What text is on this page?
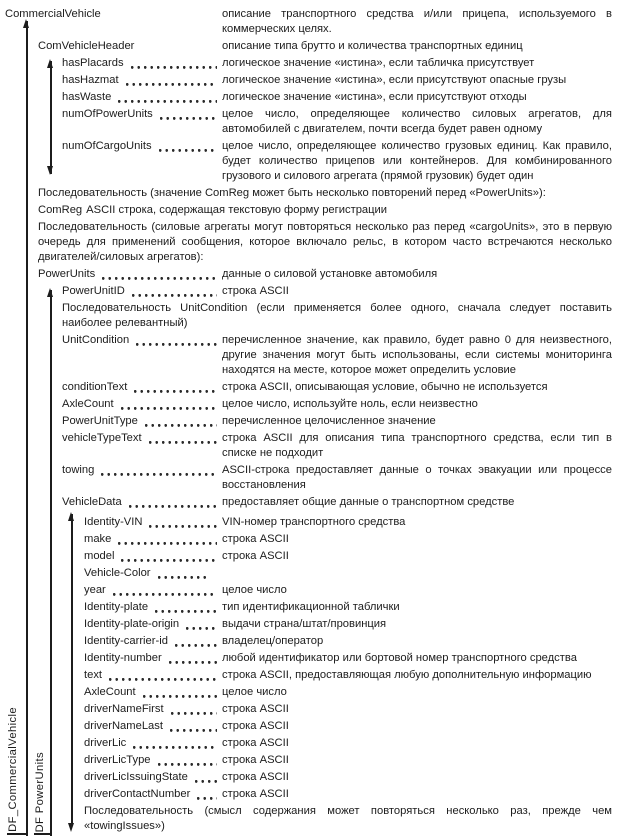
DF_CommercialVehicle DF PowerUnits
CommercialVehicle	описание транспортного средства и/или прицепа, используемого в коммерческих целях.
ComVehicleHeader	описание типа брутто и количества транспортных единиц
hasPlacards	логическое значение «истина», если табличка присутствует
hasHazmat	логическое значение «истина», если присутствуют опасные грузы
hasWaste	логическое значение «истина», если присутствуют отходы
numOfPowerUnits	целое число, определяющее количество силовых агрегатов, для автомобилей с двигателем, почти всегда будет равен одному
numOfCargoUnits	целое число, определяющее количество грузовых единиц. Как правило, будет количество прицепов или контейнеров. Для комбинированного грузового и силового агрегата (прямой грузовик) будет один
Последовательность (значение ComReg может быть несколько повторений перед «PowerUnits»):
ComReg ASCII строка, содержащая текстовую форму регистрации
Последовательность (силовые агрегаты могут повторяться несколько раз перед «cargoUnits», это в первую очередь для применений сообщения, которое включало рельс, в котором часто встречаются несколько двигателей/силовых агрегатов):
PowerUnits	данные о силовой установке автомобиля
PowerUnitID	строка ASCII
Последовательность UnitCondition (если применяется более одного, сначала следует поставить наиболее релевантный)
UnitCondition	перечисленное значение, как правило, будет равно 0 для неизвестного, другие значения могут быть использованы, если системы мониторинга находятся на месте, которое может определить условие
conditionText	строка ASCII, описывающая условие, обычно не используется
AxleCount	целое число, используйте ноль, если неизвестно
PowerUnitType	перечисленное целочисленное значение
vehicleTypeText	строка ASCII для описания типа транспортного средства, если тип в списке не подходит
towing	ASCII-строка предоставляет данные о точках эвакуации или процессе восстановления
VehicleData	предоставляет общие данные о транспортном средстве
Identity-VIN	VIN-номер транспортного средства
make	строка ASCII
model	строка ASCII
Vehicle-Color
year	целое число
Identity-plate	тип идентификационной таблички
Identity-plate-origin	выдачи страна/штат/провинция
Identity-carrier-id	владелец/оператор
Identity-number	любой идентификатор или бортовой номер транспортного средства
text	строка ASCII, предоставляющая любую дополнительную информацию
AxleCount	целое число
driverNameFirst	строка ASCII
driverNameLast	строка ASCII
driverLic	строка ASCII
driverLicType	строка ASCII
driverLicIssuingState	строка ASCII
driverContactNumber	строка ASCII
Последовательность (смысл содержания может повторяться несколько раз, прежде чем «towingIssues»)
